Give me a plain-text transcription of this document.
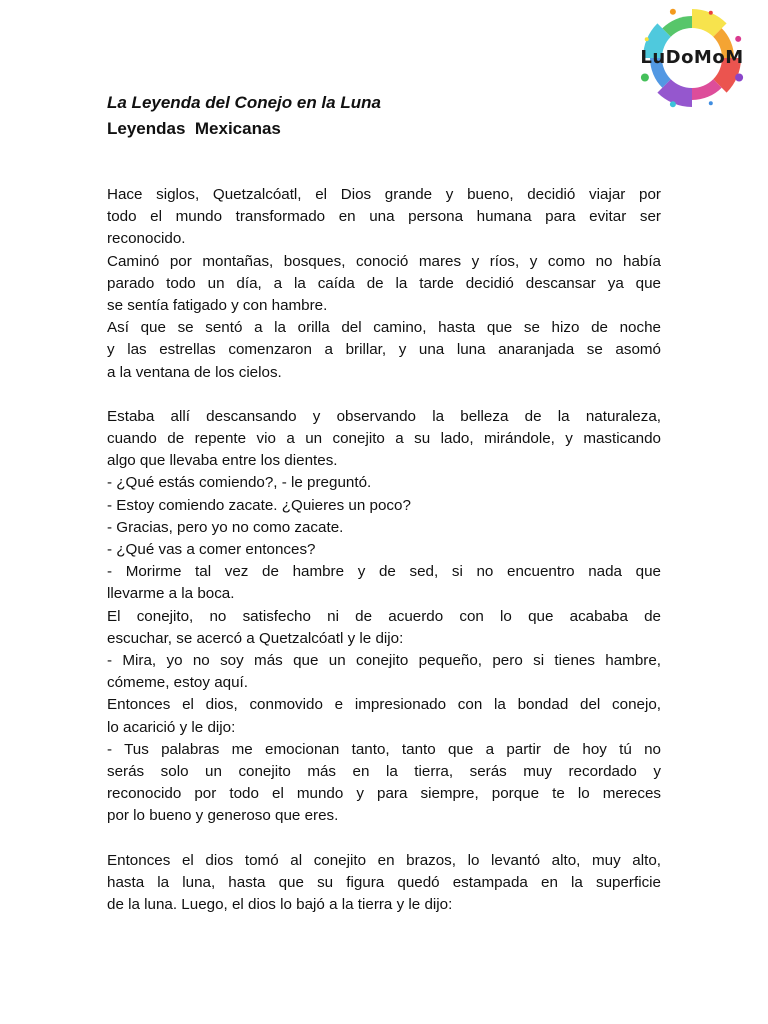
LuDoMoM
La Leyenda del Conejo en la Luna
Leyendas  Mexicanas
Hace siglos, Quetzalcóatl, el Dios grande y bueno, decidió viajar por
todo el mundo transformado en una persona humana para evitar ser
reconocido.
Caminó por montañas, bosques, conoció mares y ríos, y como no había
parado todo un día, a la caída de la tarde decidió descansar ya que
se sentía fatigado y con hambre.
Así que se sentó a la orilla del camino, hasta que se hizo de noche
y las estrellas comenzaron a brillar, y una luna anaranjada se asomó
a la ventana de los cielos.
Estaba allí descansando y observando la belleza de la naturaleza,
cuando de repente vio a un conejito a su lado, mirándole, y masticando
algo que llevaba entre los dientes.
- ¿Qué estás comiendo?, - le preguntó.
- Estoy comiendo zacate. ¿Quieres un poco?
- Gracias, pero yo no como zacate.
- ¿Qué vas a comer entonces?
- Morirme tal vez de hambre y de sed, si no encuentro nada que
llevarme a la boca.
El conejito, no satisfecho ni de acuerdo con lo que acababa de
escuchar, se acercó a Quetzalcóatl y le dijo:
- Mira, yo no soy más que un conejito pequeño, pero si tienes hambre,
cómeme, estoy aquí.
Entonces el dios, conmovido e impresionado con la bondad del conejo,
lo acarició y le dijo:
- Tus palabras me emocionan tanto, tanto que a partir de hoy tú no
serás solo un conejito más en la tierra, serás muy recordado y
reconocido por todo el mundo y para siempre, porque te lo mereces
por lo bueno y generoso que eres.
Entonces el dios tomó al conejito en brazos, lo levantó alto, muy alto,
hasta la luna, hasta que su figura quedó estampada en la superficie
de la luna. Luego, el dios lo bajó a la tierra y le dijo:
